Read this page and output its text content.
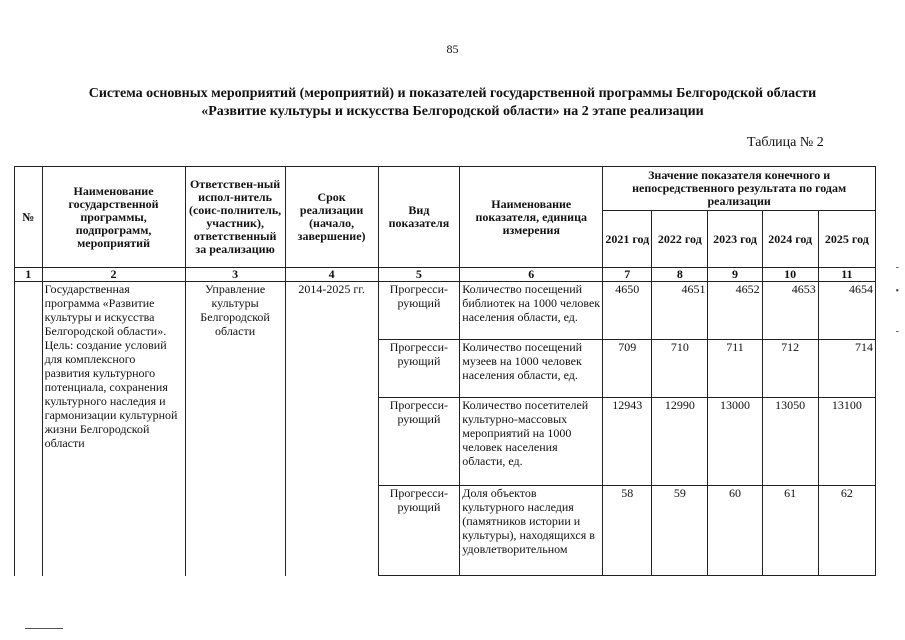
85
Система основных мероприятий (мероприятий) и показателей государственной программы Белгородской области
«Развитие культуры и искусства Белгородской области» на 2 этапе реализации
Таблица № 2
№	Наименование государственной программы, подпрограмм, мероприятий	Ответствен-ный испол-нитель (соис-полнитель, участник), ответственный за реализацию	Срок реализации (начало, завершение)	Вид показателя	Наименование показателя, единица измерения	Значение показателя конечного и непосредственного результата по годам реализации				
						2021 год	2022 год	2023 год	2024 год	2025 год
1	2	3	4	5	6	7	8	9	10	11
	Государственная программа «Развитие культуры и искусства Белгородской области». Цель: создание условий для комплексного развития культурного потенциала, сохранения культурного наследия и гармонизации культурной жизни Белгородской области	Управление культуры Белгородской области	2014-2025 гг.	Прогресси-рующий	Количество посещений библиотек на 1000 человек населения области, ед.	4650	4651	4652	4653	4654
				Прогресси-рующий	Количество посещений музеев на 1000 человек населения области, ед.	709	710	711	712	714
				Прогресси-рующий	Количество посетителей культурно-массовых мероприятий на 1000 человек населения области, ед.	12943	12990	13000	13050	13100
				Прогресси-рующий	Доля объектов культурного наследия (памятников истории и культуры), находящихся в удовлетворительном	58	59	60	61	62
-
•
-
